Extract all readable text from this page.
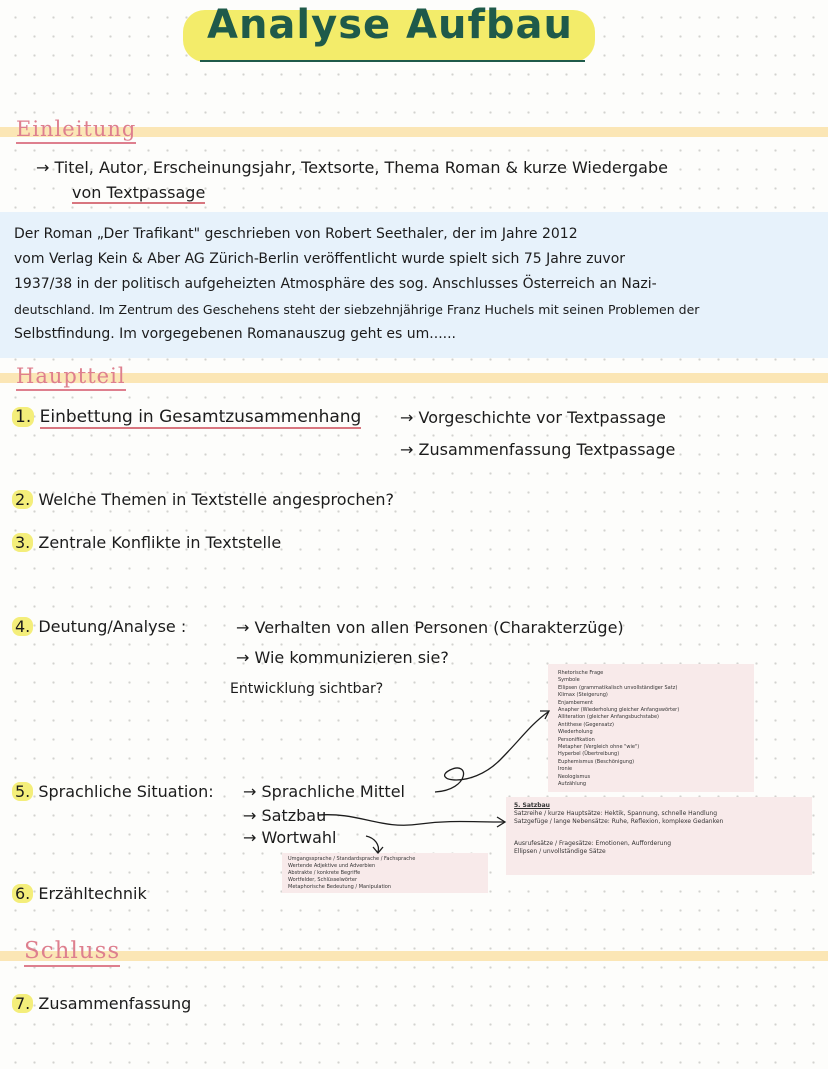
Analyse Aufbau
Einleitung
→ Titel, Autor, Erscheinungsjahr, Textsorte, Thema Roman & kurze Wiedergabe
von Textpassage
Der Roman „Der Trafikant" geschrieben von Robert Seethaler, der im Jahre 2012
vom Verlag Kein & Aber AG Zürich-Berlin veröffentlicht wurde spielt sich 75 Jahre zuvor
1937/38 in der politisch aufgeheizten Atmosphäre des sog. Anschlusses Österreich an Nazi-
deutschland. Im Zentrum des Geschehens steht der siebzehnjährige Franz Huchels mit seinen Problemen der
Selbstfindung. Im vorgegebenen Romanauszug geht es um......
Hauptteil
1. Einbettung in Gesamtzusammenhang → Vorgeschichte vor Textpassage
→ Zusammenfassung Textpassage
2. Welche Themen in Textstelle angesprochen?
3. Zentrale Konflikte in Textstelle
4. Deutung/Analyse :	→ Verhalten von allen Personen (Charakterzüge)
→ Wie kommunizieren sie?
Entwicklung sichtbar?
Rhetorische Frage
Symbole
Ellipsen (grammatikalisch unvollständiger Satz)
Klimax (Steigerung)
Enjambement
Anapher (Wiederholung gleicher Anfangswörter)
Alliteration (gleicher Anfangsbuchstabe)
Antithese (Gegensatz)
Wiederholung
Personifikation
Metapher (Vergleich ohne "wie")
Hyperbel (Übertreibung)
Euphemismus (Beschönigung)
Ironie
Neologismus
Aufzählung
5. Sprachliche Situation: → Sprachliche Mittel
→ Satzbau
→ Wortwahl
5. Satzbau
Satzreihe / kurze Hauptsätze: Hektik, Spannung, schnelle Handlung
Satzgefüge / lange Nebensätze: Ruhe, Reflexion, komplexe Gedanken
Ausrufesätze / Fragesätze: Emotionen, Aufforderung
Ellipsen / unvollständige Sätze
Umgangssprache / Standardsprache / Fachsprache
Wertende Adjektive und Adverbien
Abstrakte / konkrete Begriffe
Wortfelder, Schlüsselwörter
Metaphorische Bedeutung / Manipulation
6. Erzähltechnik
Schluss
7. Zusammenfassung
